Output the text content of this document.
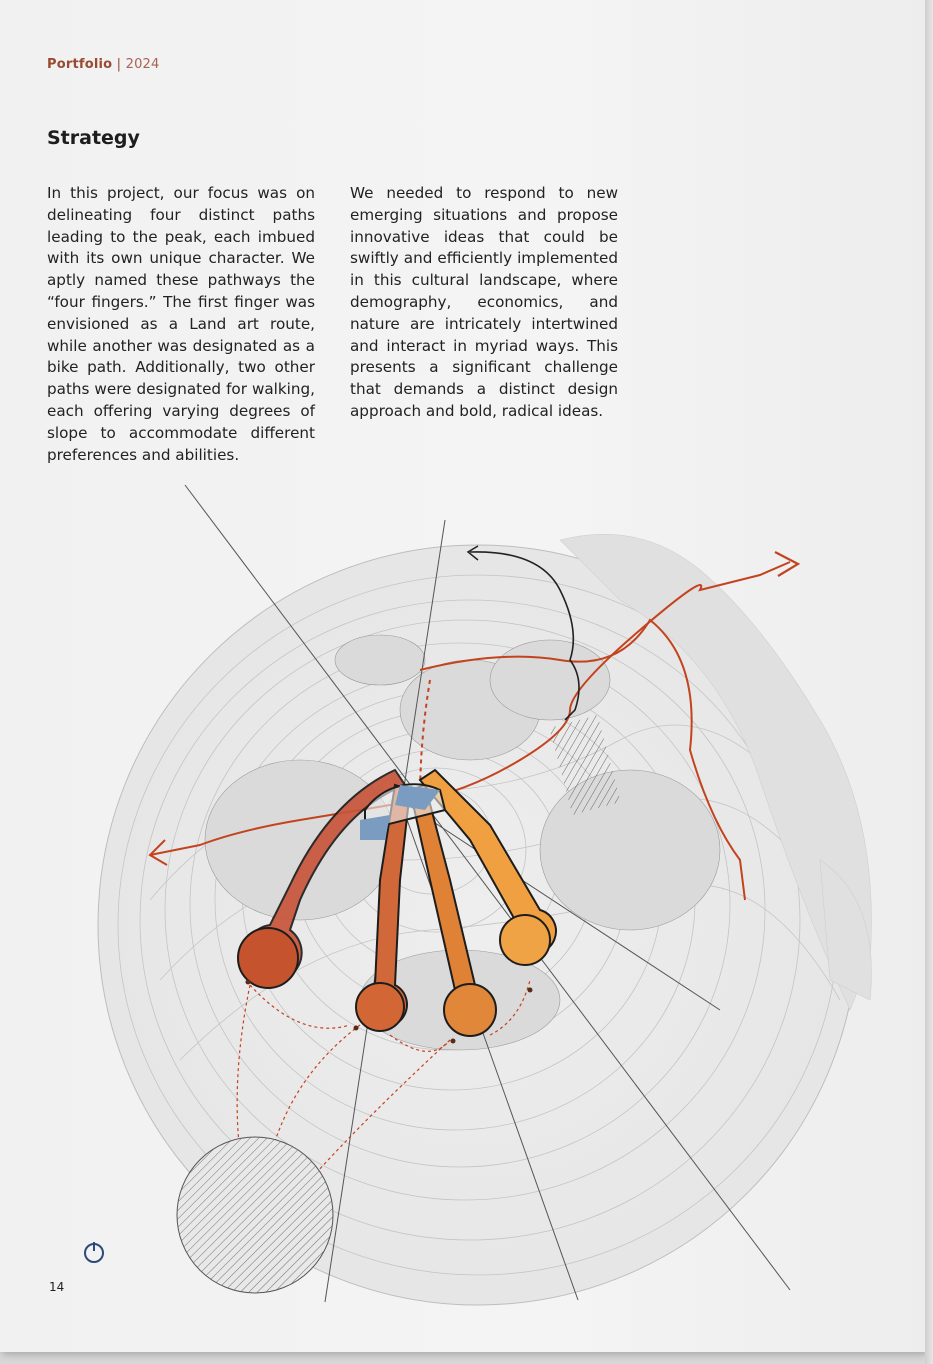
Portfolio | 2024
Strategy

In this project, our focus was on delineating four distinct paths leading to the peak, each imbued with its own unique character. We aptly named these pathways the “four fingers.” The first finger was envisioned as a Land art route, while another was designated as a bike path. Additionally, two other paths were designated for walking, each offering varying degrees of slope to accommodate different preferences and abilities.

We needed to respond to new emerging situations and propose innovative ideas that could be swiftly and efficiently implemented in this cultural landscape, where demography, economics, and nature are intricately intertwined and interact in myriad ways. This presents a significant challenge that demands a distinct design approach and bold, radical ideas.

14
